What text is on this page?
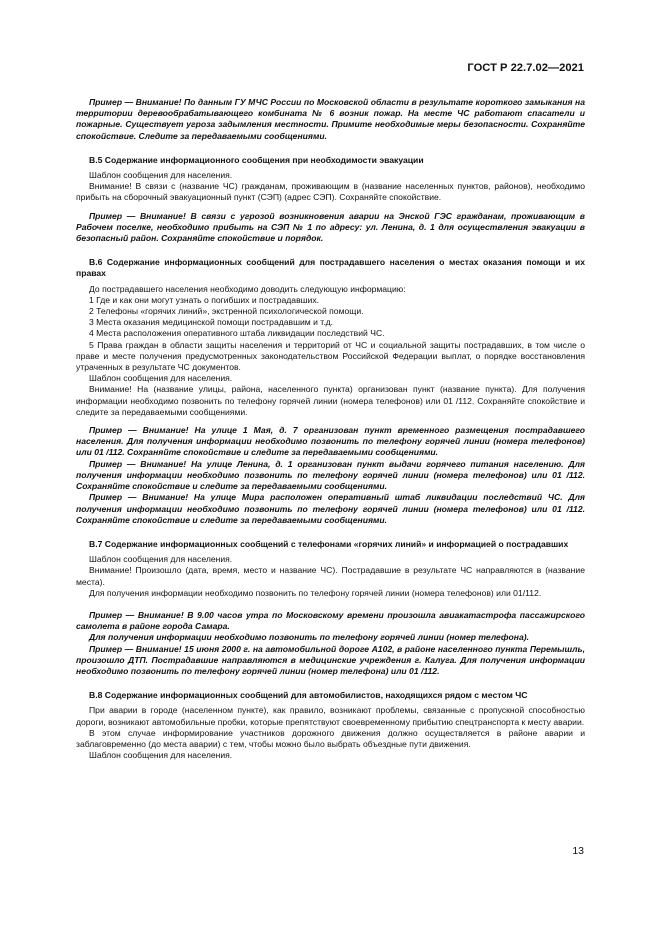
ГОСТ Р 22.7.02—2021

Пример — Внимание! По данным ГУ МЧС России по Московской области в результате короткого замыкания на территории деревообрабатывающего комбината № 6 возник пожар. На месте ЧС работают спасатели и пожарные. Существует угроза задымления местности. Примите необходимые меры безопасности. Сохраняйте спокойствие. Следите за передаваемыми сообщениями.

В.5 Содержание информационного сообщения при необходимости эвакуации

Шаблон сообщения для населения.

Внимание! В связи с (название ЧС) гражданам, проживающим в (название населенных пунктов, районов), необходимо прибыть на сборочный эвакуационный пункт (СЭП) (адрес СЭП). Сохраняйте спокойствие.

Пример — Внимание! В связи с угрозой возникновения аварии на Энской ГЭС гражданам, проживающим в Рабочем поселке, необходимо прибыть на СЭП № 1 по адресу: ул. Ленина, д. 1 для осуществления эвакуации в безопасный район. Сохраняйте спокойствие и порядок.

В.6 Содержание информационных сообщений для пострадавшего населения о местах оказания помощи и их правах

До пострадавшего населения необходимо доводить следующую информацию:

1 Где и как они могут узнать о погибших и пострадавших.

2 Телефоны «горячих линий», экстренной психологической помощи.

3 Места оказания медицинской помощи пострадавшим и т.д.

4 Места расположения оперативного штаба ликвидации последствий ЧС.

5 Права граждан в области защиты населения и территорий от ЧС и социальной защиты пострадавших, в том числе о праве и месте получения предусмотренных законодательством Российской Федерации выплат, о порядке восстановления утраченных в результате ЧС документов.

Шаблон сообщения для населения.

Внимание! На (название улицы, района, населенного пункта) организован пункт (название пункта). Для получения информации необходимо позвонить по телефону горячей линии (номера телефонов) или 01 /112. Сохраняйте спокойствие и следите за передаваемыми сообщениями.

Пример — Внимание! На улице 1 Мая, д. 7 организован пункт временного размещения пострадавшего населения. Для получения информации необходимо позвонить по телефону горячей линии (номера телефонов) или 01 /112. Сохраняйте спокойствие и следите за передаваемыми сообщениями.

Пример — Внимание! На улице Ленина, д. 1 организован пункт выдачи горячего питания населению. Для получения информации необходимо позвонить по телефону горячей линии (номера телефонов) или 01 /112. Сохраняйте спокойствие и следите за передаваемыми сообщениями.

Пример — Внимание! На улице Мира расположен оперативный штаб ликвидации последствий ЧС. Для получения информации необходимо позвонить по телефону горячей линии (номера телефонов) или 01 /112. Сохраняйте спокойствие и следите за передаваемыми сообщениями.

В.7 Содержание информационных сообщений с телефонами «горячих линий» и информацией о пострадавших

Шаблон сообщения для населения.

Внимание! Произошло (дата, время, место и название ЧС). Пострадавшие в результате ЧС направляются в (название места).

Для получения информации необходимо позвонить по телефону горячей линии (номера телефонов) или 01/112.

Пример — Внимание! В 9.00 часов утра по Московскому времени произошла авиакатастрофа пассажирского самолета в районе города Самара.

Для получения информации необходимо позвонить по телефону горячей линии (номер телефона).

Пример — Внимание! 15 июня 2000 г. на автомобильной дороге А102, в районе населенного пункта Перемышль, произошло ДТП. Пострадавшие направляются в медицинские учреждения г. Калуга. Для получения информации необходимо позвонить по телефону горячей линии (номер телефона) или 01 /112.

В.8 Содержание информационных сообщений для автомобилистов, находящихся рядом с местом ЧС

При аварии в городе (населенном пункте), как правило, возникают проблемы, связанные с пропускной способностью дороги, возникают автомобильные пробки, которые препятствуют своевременному прибытию спецтранспорта к месту аварии.

В этом случае информирование участников дорожного движения должно осуществляется в районе аварии и заблаговременно (до места аварии) с тем, чтобы можно было выбрать объездные пути движения.

Шаблон сообщения для населения.

13
